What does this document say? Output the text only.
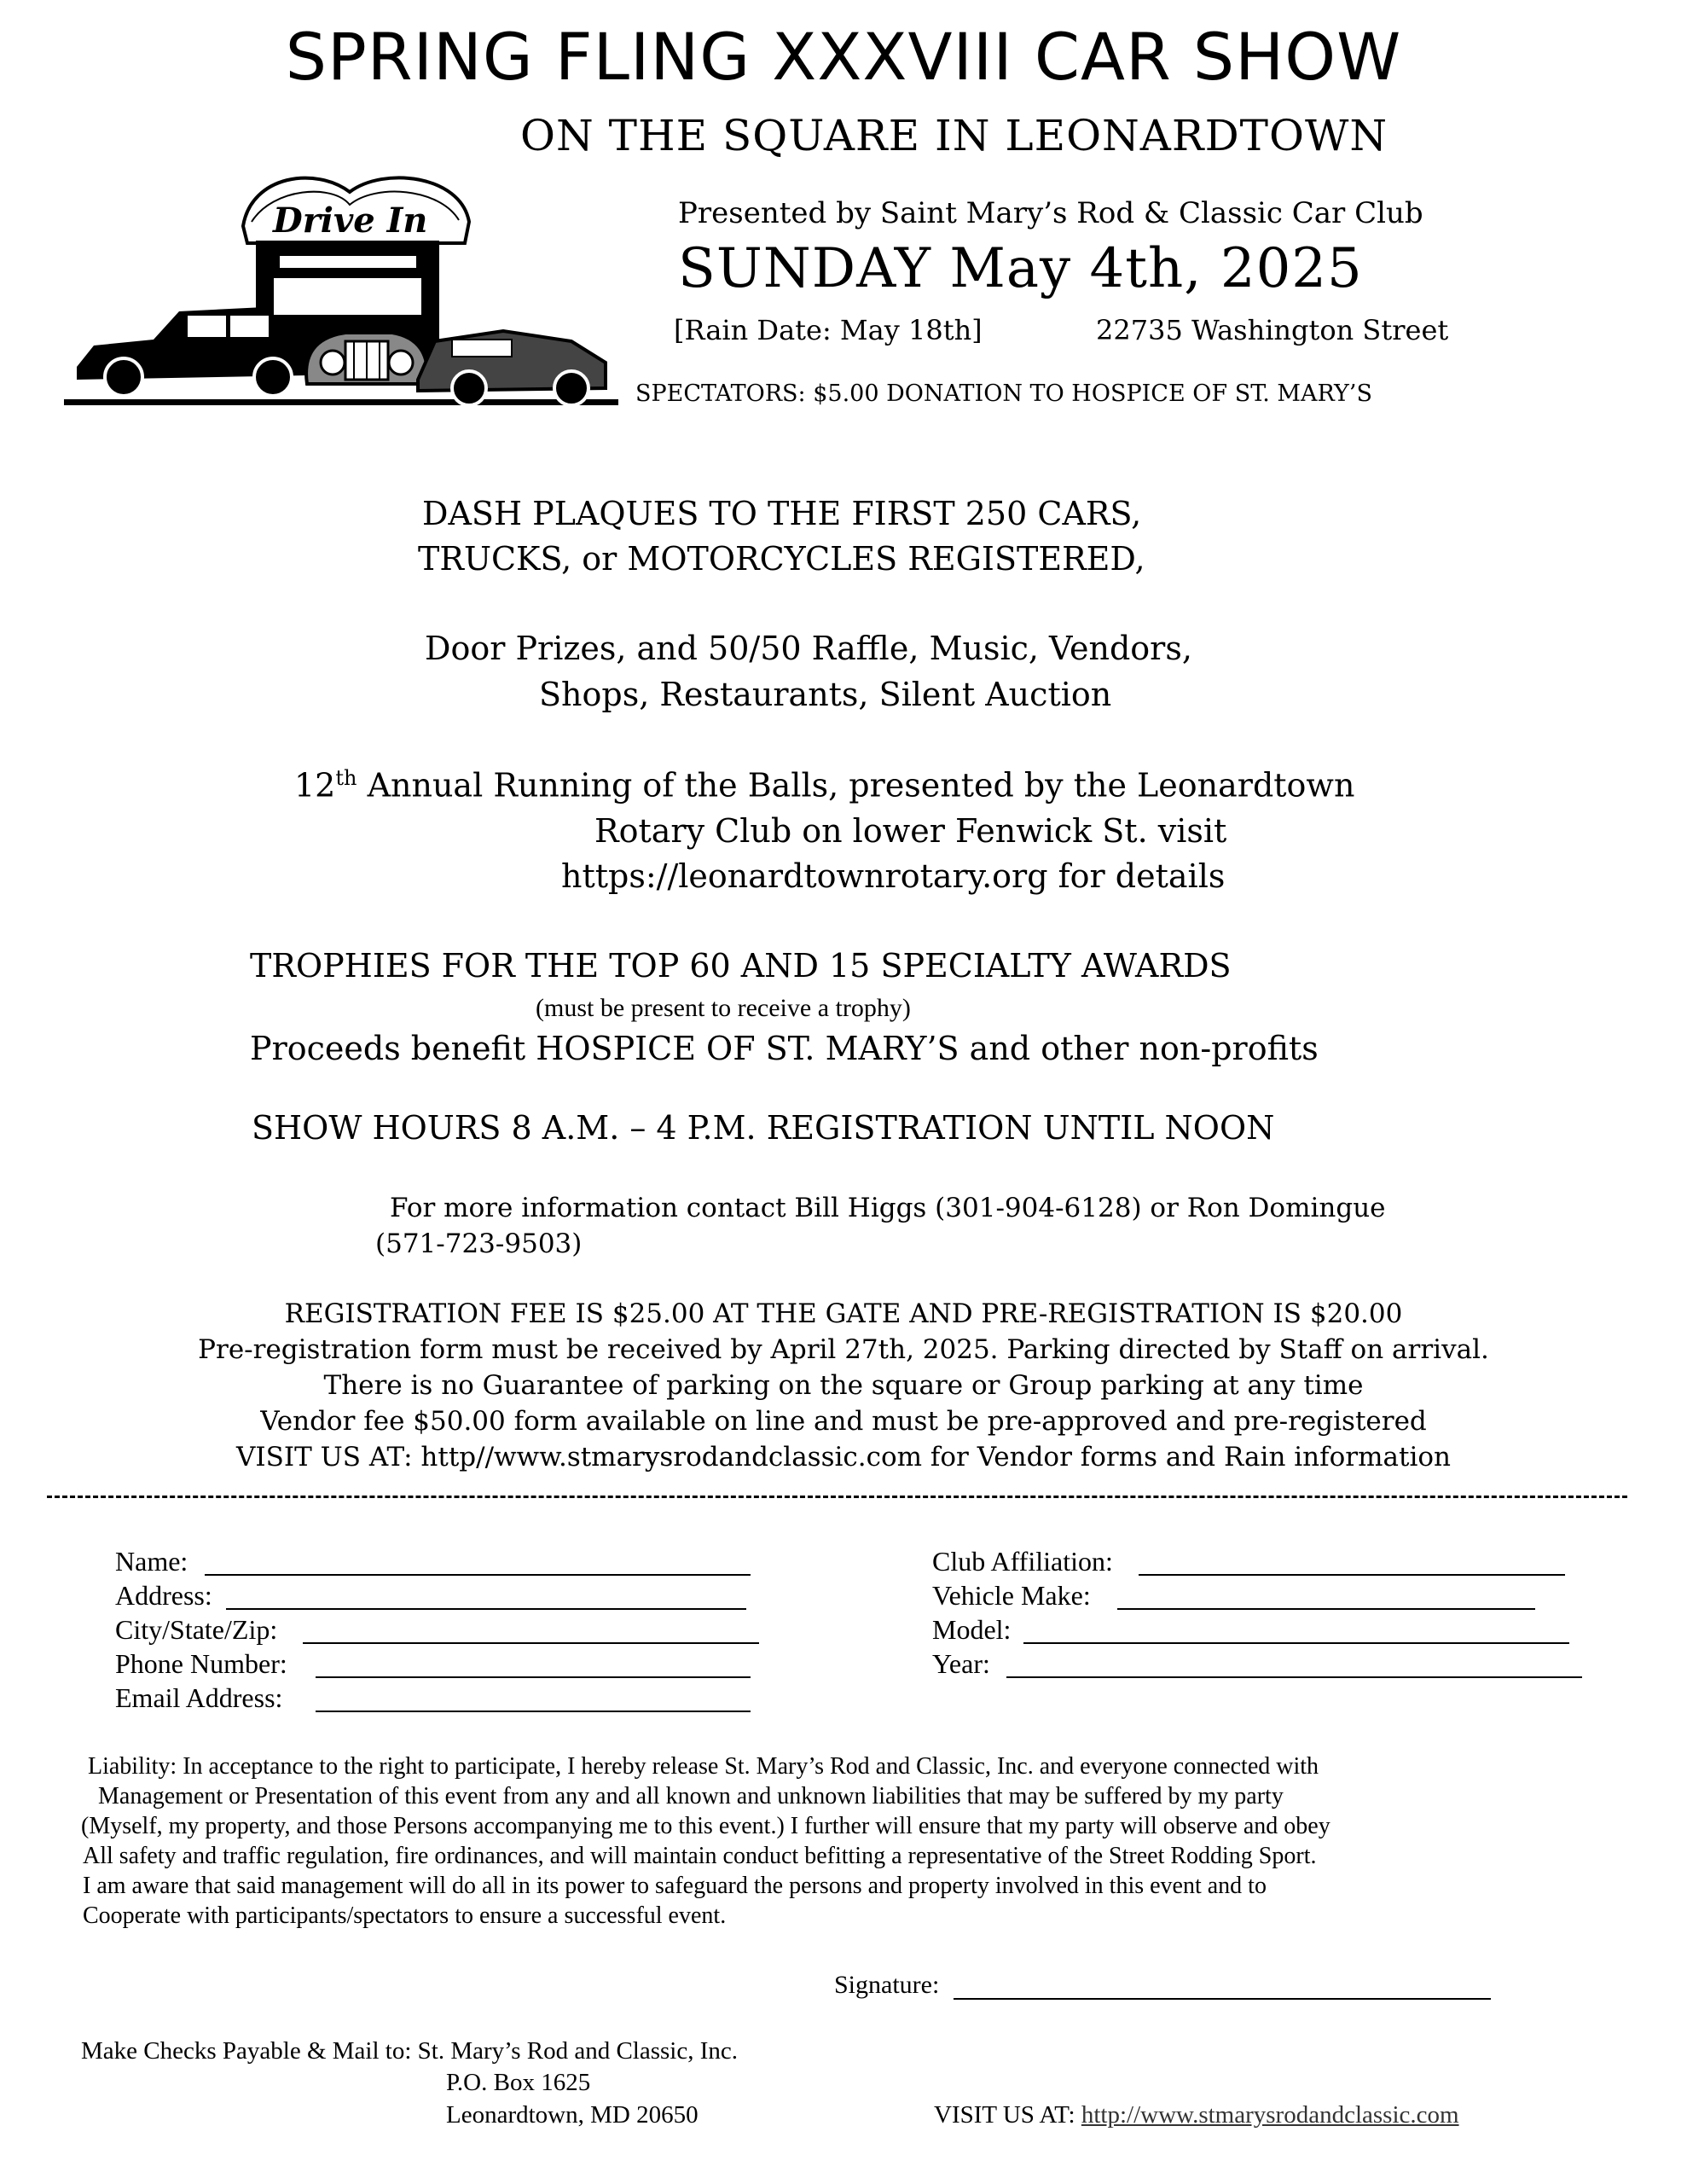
SPRING FLING XXXVIII CAR SHOW
ON THE SQUARE IN LEONARDTOWN
Drive In	Presented by Saint Mary’s Rod & Classic Car Club
SUNDAY May 4th, 2025
[Rain Date: May 18th]	22735 Washington Street
SPECTATORS: $5.00 DONATION TO HOSPICE OF ST. MARY’S
DASH PLAQUES TO THE FIRST 250 CARS,
TRUCKS, or MOTORCYCLES REGISTERED,
Door Prizes, and 50/50 Raffle, Music, Vendors,
Shops, Restaurants, Silent Auction
12th Annual Running of the Balls, presented by the Leonardtown
Rotary Club on lower Fenwick St. visit
https://leonardtownrotary.org for details
TROPHIES FOR THE TOP 60 AND 15 SPECIALTY AWARDS
(must be present to receive a trophy)
Proceeds benefit HOSPICE OF ST. MARY’S and other non-profits
SHOW HOURS 8 A.M. – 4 P.M. REGISTRATION UNTIL NOON
For more information contact Bill Higgs (301-904-6128) or Ron Domingue
(571-723-9503)
REGISTRATION FEE IS $25.00 AT THE GATE AND PRE-REGISTRATION IS $20.00
Pre-registration form must be received by April 27th, 2025. Parking directed by Staff on arrival.
There is no Guarantee of parking on the square or Group parking at any time
Vendor fee $50.00 form available on line and must be pre-approved and pre-registered
VISIT US AT: http//www.stmarysrodandclassic.com for Vendor forms and Rain information
Name:
Address:
City/State/Zip:
Phone Number:
Email Address:
Club Affiliation:
Vehicle Make:
Model:
Year:
Liability: In acceptance to the right to participate, I hereby release St. Mary’s Rod and Classic, Inc. and everyone connected with
Management or Presentation of this event from any and all known and unknown liabilities that may be suffered by my party
(Myself, my property, and those Persons accompanying me to this event.) I further will ensure that my party will observe and obey
All safety and traffic regulation, fire ordinances, and will maintain conduct befitting a representative of the Street Rodding Sport.
I am aware that said management will do all in its power to safeguard the persons and property involved in this event and to
Cooperate with participants/spectators to ensure a successful event.
Signature:
Make Checks Payable & Mail to: St. Mary’s Rod and Classic, Inc.
P.O. Box 1625
Leonardtown, MD 20650	VISIT US AT: http://www.stmarysrodandclassic.com
